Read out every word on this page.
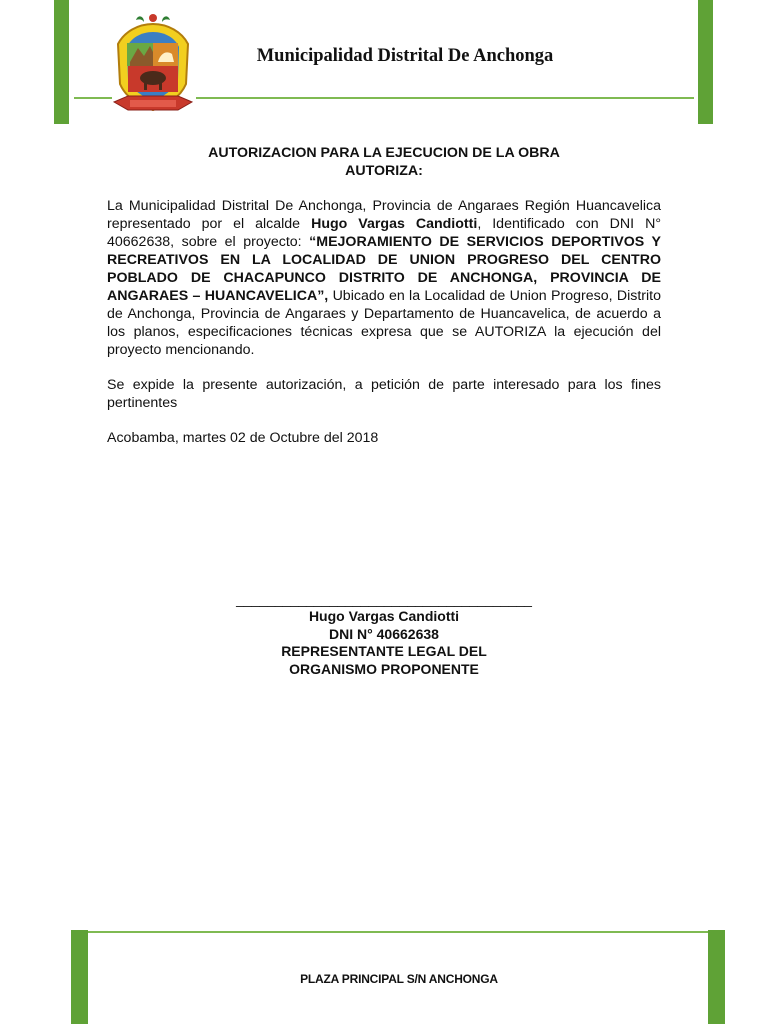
Municipalidad Distrital De Anchonga
AUTORIZACION PARA LA EJECUCION DE LA OBRA
AUTORIZA:
La Municipalidad Distrital De Anchonga, Provincia de Angaraes Región Huancavelica representado por el alcalde Hugo Vargas Candiotti, Identificado con DNI N° 40662638, sobre el proyecto: “MEJORAMIENTO DE SERVICIOS DEPORTIVOS Y RECREATIVOS EN LA LOCALIDAD DE UNION PROGRESO DEL CENTRO POBLADO DE CHACAPUNCO DISTRITO DE ANCHONGA, PROVINCIA DE ANGARAES – HUANCAVELICA”, Ubicado en la Localidad de Union Progreso, Distrito de Anchonga, Provincia de Angaraes y Departamento de Huancavelica, de acuerdo a los planos, especificaciones técnicas expresa que se AUTORIZA la ejecución del proyecto mencionando.
Se expide la presente autorización, a petición de parte interesado para los fines pertinentes
Acobamba, martes 02 de Octubre del 2018
______________________________________
Hugo Vargas Candiotti
DNI N° 40662638
REPRESENTANTE LEGAL DEL
ORGANISMO PROPONENTE
PLAZA PRINCIPAL S/N ANCHONGA
